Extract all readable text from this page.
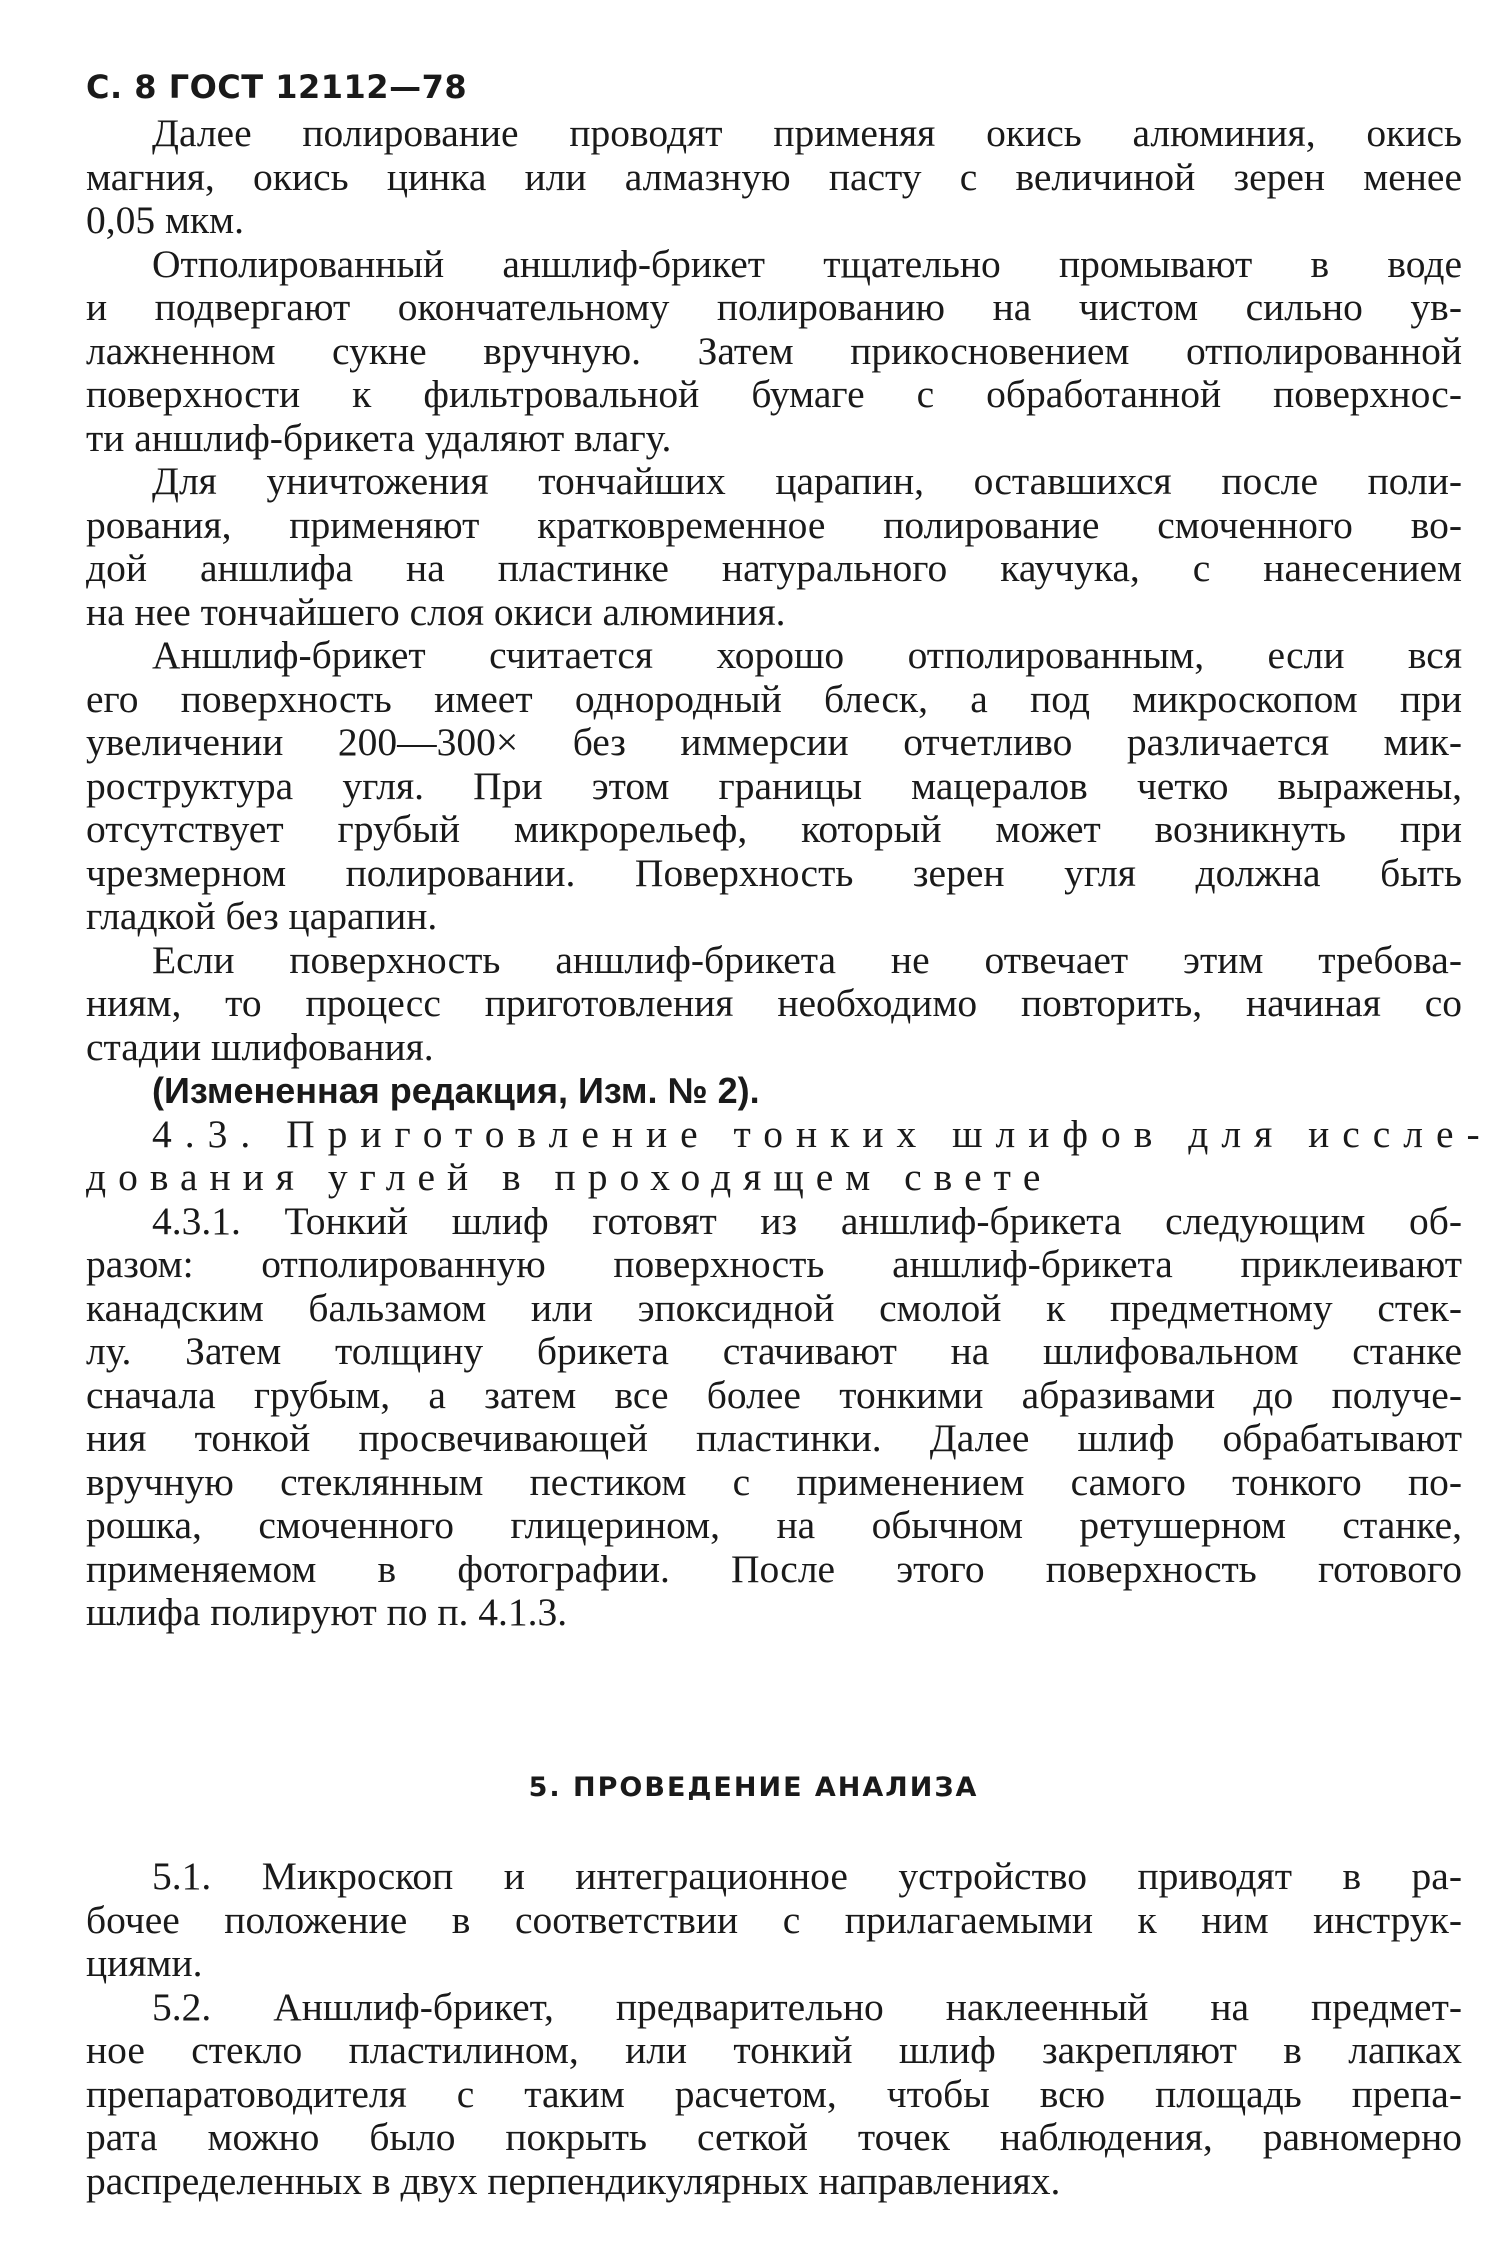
С. 8 ГОСТ 12112—78
Далее полирование проводят применяя окись алюминия, окись
магния, окись цинка или алмазную пасту с величиной зерен менее
0,05 мкм.
Отполированный аншлиф-брикет тщательно промывают в воде
и подвергают окончательному полированию на чистом сильно ув-
лажненном сукне вручную. Затем прикосновением отполированной
поверхности к фильтровальной бумаге с обработанной поверхнос-
ти аншлиф-брикета удаляют влагу.
Для уничтожения тончайших царапин, оставшихся после поли-
рования, применяют кратковременное полирование смоченного во-
дой аншлифа на пластинке натурального каучука, с нанесением
на нее тончайшего слоя окиси алюминия.
Аншлиф-брикет считается хорошо отполированным, если вся
его поверхность имеет однородный блеск, а под микроскопом при
увеличении 200—300× без иммерсии отчетливо различается мик-
роструктура угля. При этом границы мацералов четко выражены,
отсутствует грубый микрорельеф, который может возникнуть при
чрезмерном полировании. Поверхность зерен угля должна быть
гладкой без царапин.
Если поверхность аншлиф-брикета не отвечает этим требова-
ниям, то процесс приготовления необходимо повторить, начиная со
стадии шлифования.
(Измененная редакция, Изм. № 2).
4.3. Приготовление тонких шлифов для иссле-
дования углей в проходящем свете
4.3.1. Тонкий шлиф готовят из аншлиф-брикета следующим об-
разом: отполированную поверхность аншлиф-брикета приклеивают
канадским бальзамом или эпоксидной смолой к предметному стек-
лу. Затем толщину брикета стачивают на шлифовальном станке
сначала грубым, а затем все более тонкими абразивами до получе-
ния тонкой просвечивающей пластинки. Далее шлиф обрабатывают
вручную стеклянным пестиком с применением самого тонкого по-
рошка, смоченного глицерином, на обычном ретушерном станке,
применяемом в фотографии. После этого поверхность готового
шлифа полируют по п. 4.1.3.
5. ПРОВЕДЕНИЕ АНАЛИЗА
5.1. Микроскоп и интеграционное устройство приводят в ра-
бочее положение в соответствии с прилагаемыми к ним инструк-
циями.
5.2. Аншлиф-брикет, предварительно наклеенный на предмет-
ное стекло пластилином, или тонкий шлиф закрепляют в лапках
препаратоводителя с таким расчетом, чтобы всю площадь препа-
рата можно было покрыть сеткой точек наблюдения, равномерно
распределенных в двух перпендикулярных направлениях.
